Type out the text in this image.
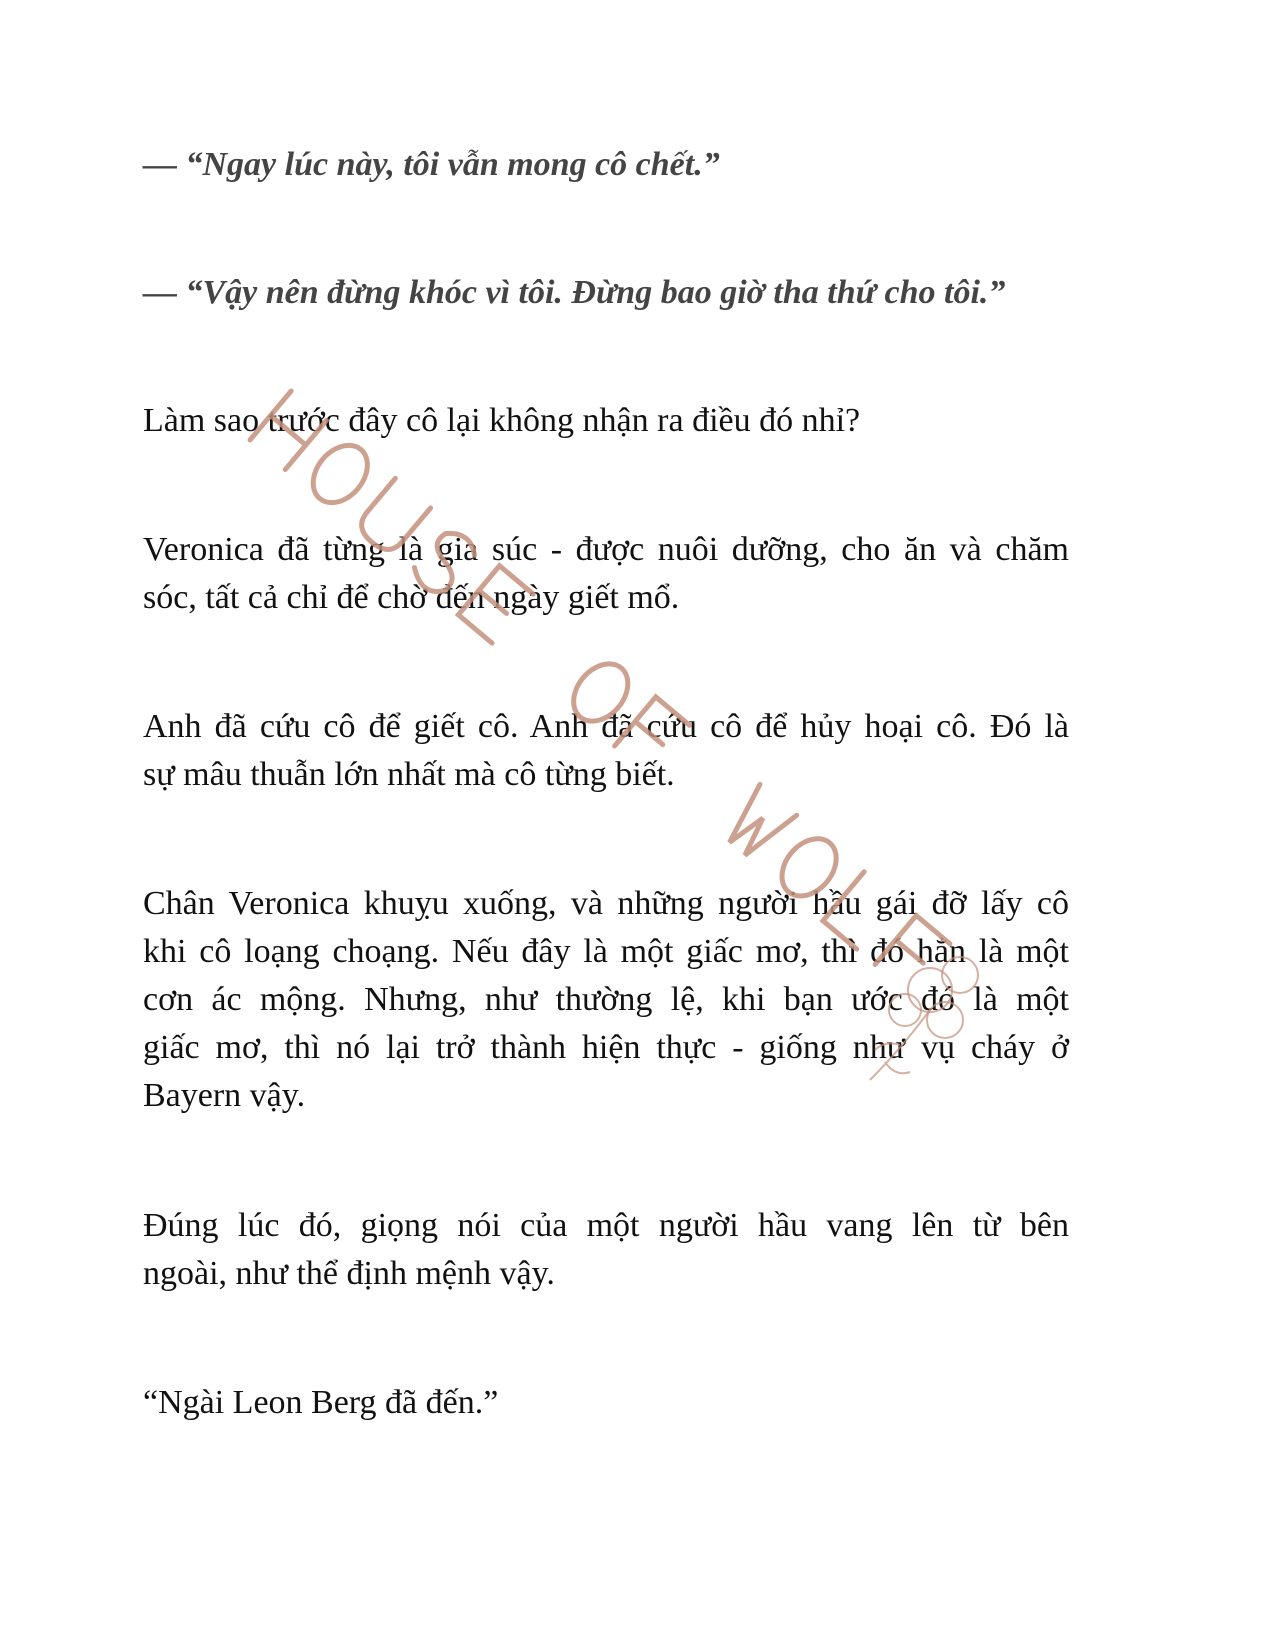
— “Ngay lúc này, tôi vẫn mong cô chết.”
— “Vậy nên đừng khóc vì tôi. Đừng bao giờ tha thứ cho tôi.”
Làm sao trước đây cô lại không nhận ra điều đó nhỉ?
Veronica đã từng là gia súc - được nuôi dưỡng, cho ăn và chăm
sóc, tất cả chỉ để chờ đến ngày giết mổ.
Anh đã cứu cô để giết cô. Anh đã cứu cô để hủy hoại cô. Đó là
sự mâu thuẫn lớn nhất mà cô từng biết.
Chân Veronica khuỵu xuống, và những người hầu gái đỡ lấy cô
khi cô loạng choạng. Nếu đây là một giấc mơ, thì đó hẳn là một
cơn ác mộng. Nhưng, như thường lệ, khi bạn ước đó là một
giấc mơ, thì nó lại trở thành hiện thực - giống như vụ cháy ở
Bayern vậy.
Đúng lúc đó, giọng nói của một người hầu vang lên từ bên
ngoài, như thể định mệnh vậy.
“Ngài Leon Berg đã đến.”
